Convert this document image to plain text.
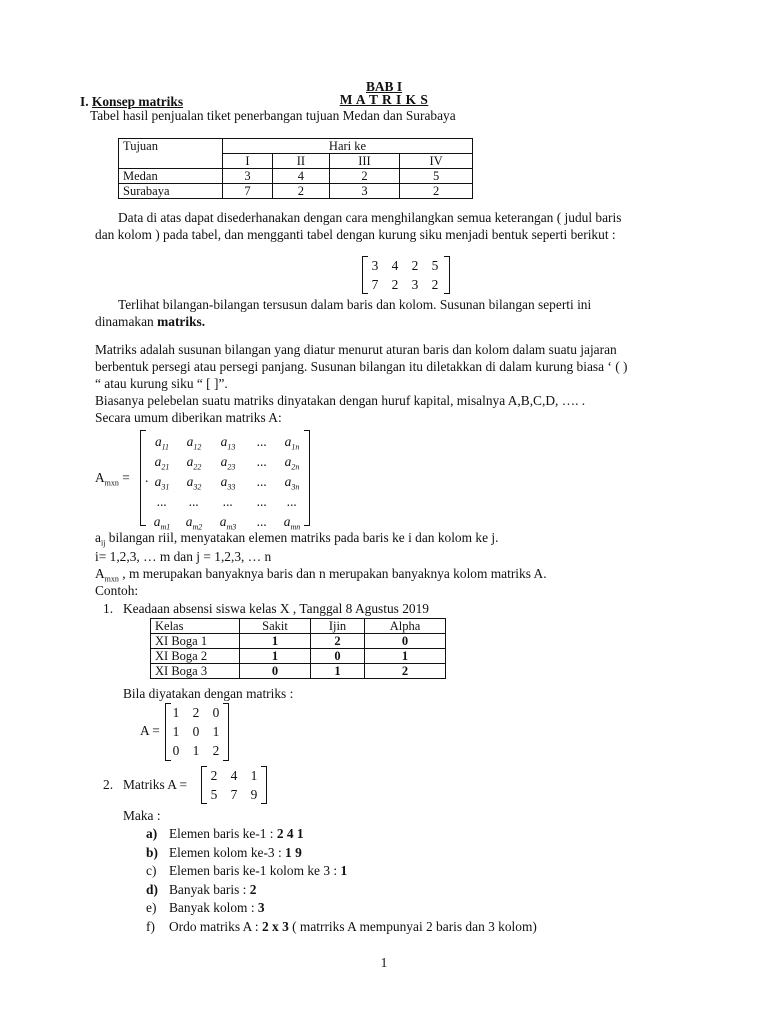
BAB I
M A T R I K S
I. Konsep matriks
Tabel hasil penjualan tiket penerbangan tujuan Medan dan Surabaya
Tujuan	Hari ke			
	I	II	III	IV
Medan	3	4	2	5
Surabaya	7	2	3	2
Data di atas dapat disederhanakan dengan cara menghilangkan semua keterangan ( judul baris
dan kolom ) pada tabel, dan mengganti tabel dengan kurung siku menjadi bentuk seperti berikut :
3 4 2 5
7 2 3 2
Terlihat bilangan-bilangan tersusun dalam baris dan kolom. Susunan bilangan seperti ini
dinamakan matriks.
Matriks adalah susunan bilangan yang diatur menurut aturan baris dan kolom dalam suatu jajaran
berbentuk persegi atau persegi panjang. Susunan bilangan itu diletakkan di dalam kurung biasa ‘ ( )
“ atau kurung siku “ [ ]”.
Biasanya pelebelan suatu matriks dinyatakan dengan huruf kapital, misalnya A,B,C,D, …. .
Secara umum diberikan matriks A:
$A_{mxn}$ = .
$a_{11}$	$a_{12}$	$a_{13}$	...	$a_{1n}$
$a_{21}$	$a_{22}$	$a_{23}$	...	$a_{2n}$
$a_{31}$	$a_{32}$	$a_{33}$	...	$a_{3n}$
...	...	...	...	...
$a_{m1}$	$a_{m2}$	$a_{m3}$	...	$a_{mn}$
$a_{ij}$ bilangan riil, menyatakan elemen matriks pada baris ke i dan kolom ke j.
i= 1,2,3, … m dan j = 1,2,3, … n
$A_{mxn}$ , m merupakan banyaknya baris dan n merupakan banyaknya kolom matriks A.
Contoh:
1. Keadaan absensi siswa kelas X , Tanggal 8 Agustus 2019
Kelas	Sakit	Ijin	Alpha
XI Boga 1	1	2	0
XI Boga 2	1	0	1
XI Boga 3	0	1	2
Bila diyatakan dengan matriks :
A =
1 2 0
1 0 1
0 1 2
2. Matriks A =
2 4 1
5 7 9
Maka :
a) Elemen baris ke-1 : 2 4 1
b) Elemen kolom ke-3 : 1 9
c) Elemen baris ke-1 kolom ke 3 : 1
d) Banyak baris : 2
e) Banyak kolom : 3
f) Ordo matriks A : 2 x 3 ( matrriks A mempunyai 2 baris dan 3 kolom)
1
